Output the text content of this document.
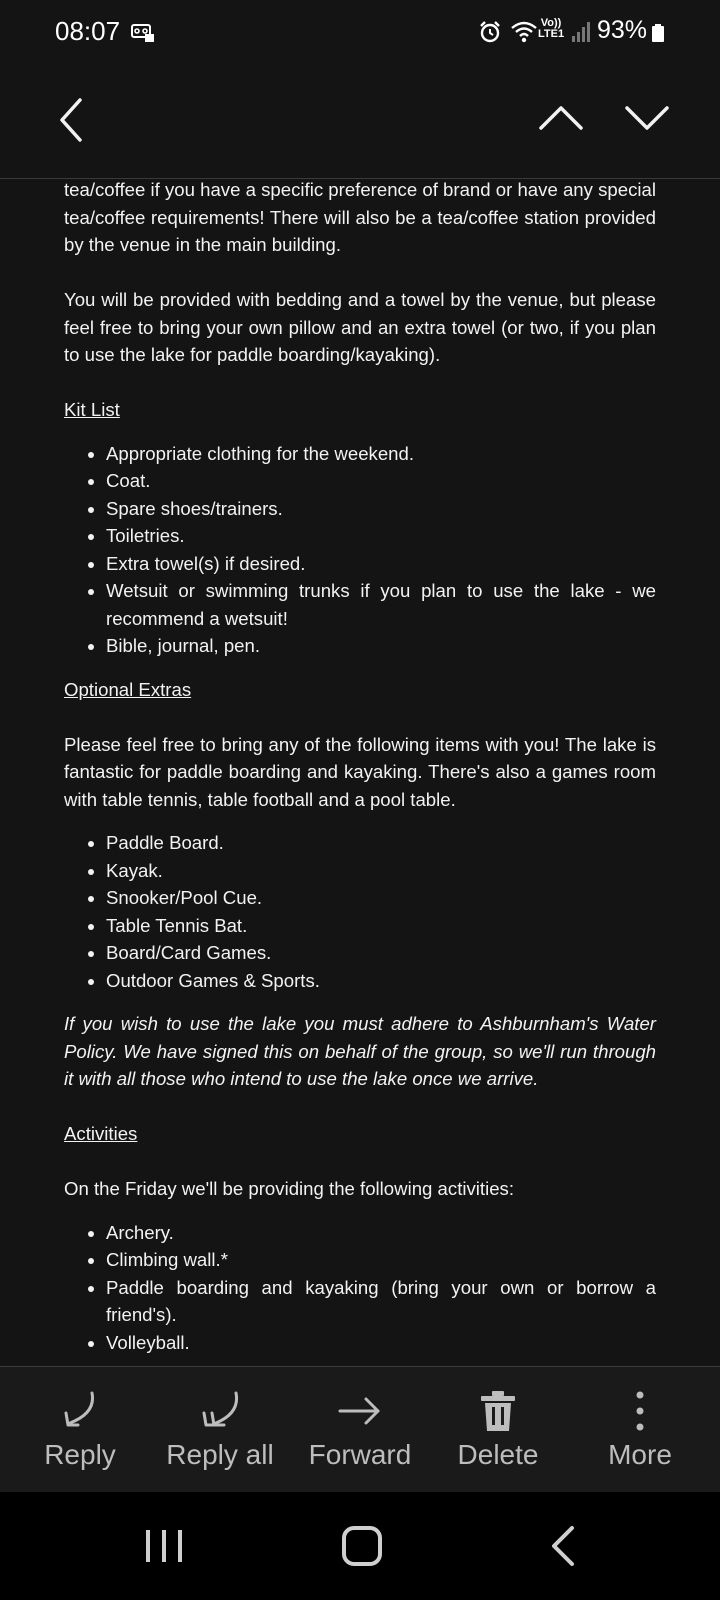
08:07	Vo))
LTE1 93%

tea/coffee if you have a specific preference of brand or have any special tea/coffee requirements! There will also be a tea/coffee station provided by the venue in the main building.

You will be provided with bedding and a towel by the venue, but please feel free to bring your own pillow and an extra towel (or two, if you plan to use the lake for paddle boarding/kayaking).

Kit List

• Appropriate clothing for the weekend.
• Coat.
• Spare shoes/trainers.
• Toiletries.
• Extra towel(s) if desired.
• Wetsuit or swimming trunks if you plan to use the lake - we recommend a wetsuit!
• Bible, journal, pen.

Optional Extras

Please feel free to bring any of the following items with you! The lake is fantastic for paddle boarding and kayaking. There's also a games room with table tennis, table football and a pool table.

• Paddle Board.
• Kayak.
• Snooker/Pool Cue.
• Table Tennis Bat.
• Board/Card Games.
• Outdoor Games & Sports.

If you wish to use the lake you must adhere to Ashburnham's Water Policy. We have signed this on behalf of the group, so we'll run through it with all those who intend to use the lake once we arrive.

Activities

On the Friday we'll be providing the following activities:

• Archery.
• Climbing wall.*
• Paddle boarding and kayaking (bring your own or borrow a friend's).
• Volleyball.
Reply	Reply all	Forward	Delete	More
